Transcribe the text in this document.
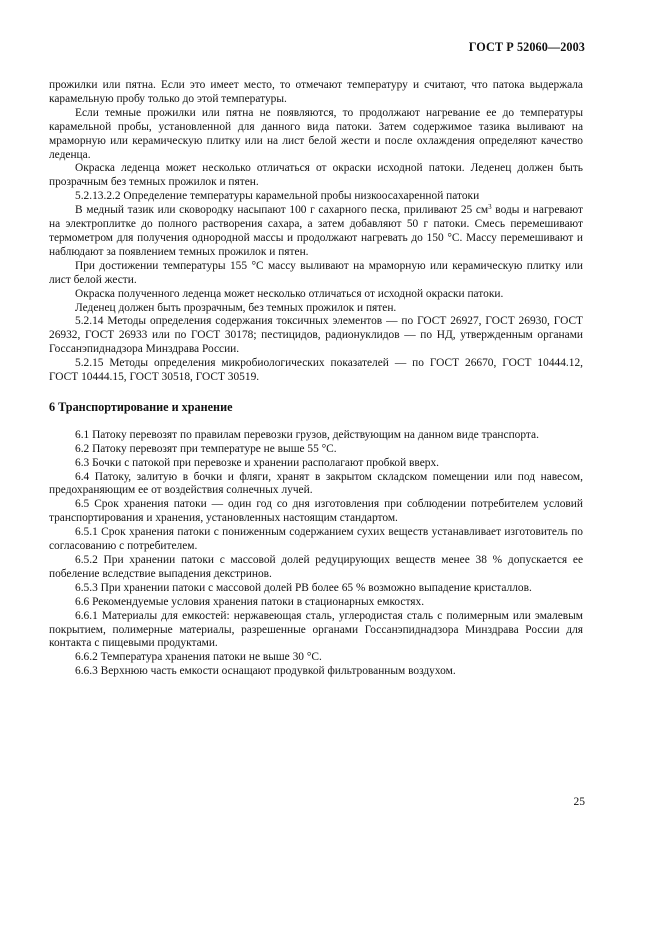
ГОСТ Р 52060—2003

прожилки или пятна. Если это имеет место, то отмечают температуру и считают, что патока выдержала карамельную пробу только до этой температуры.

Если темные прожилки или пятна не появляются, то продолжают нагревание ее до температуры карамельной пробы, установленной для данного вида патоки. Затем содержимое тазика выливают на мраморную или керамическую плитку или на лист белой жести и после охлаждения определяют качество леденца.

Окраска леденца может несколько отличаться от окраски исходной патоки. Леденец должен быть прозрачным без темных прожилок и пятен.

5.2.13.2.2 Определение температуры карамельной пробы низкоосахаренной патоки

В медный тазик или сковородку насыпают 100 г сахарного песка, приливают 25 $см^3$ воды и нагревают на электроплитке до полного растворения сахара, а затем добавляют 50 г патоки. Смесь перемешивают термометром для получения однородной массы и продолжают нагревать до 150 °С. Массу перемешивают и наблюдают за появлением темных прожилок и пятен.

При достижении температуры 155 °С массу выливают на мраморную или керамическую плитку или лист белой жести.

Окраска полученного леденца может несколько отличаться от исходной окраски патоки.

Леденец должен быть прозрачным, без темных прожилок и пятен.

5.2.14 Методы определения содержания токсичных элементов — по ГОСТ 26927, ГОСТ 26930, ГОСТ 26932, ГОСТ 26933 или по ГОСТ 30178; пестицидов, радионуклидов — по НД, утвержденным органами Госсанэпиднадзора Минздрава России.

5.2.15 Методы определения микробиологических показателей — по ГОСТ 26670, ГОСТ 10444.12, ГОСТ 10444.15, ГОСТ 30518, ГОСТ 30519.

6 Транспортирование и хранение

6.1 Патоку перевозят по правилам перевозки грузов, действующим на данном виде транспорта.

6.2 Патоку перевозят при температуре не выше 55 °С.

6.3 Бочки с патокой при перевозке и хранении располагают пробкой вверх.

6.4 Патоку, залитую в бочки и фляги, хранят в закрытом складском помещении или под навесом, предохраняющим ее от воздействия солнечных лучей.

6.5 Срок хранения патоки — один год со дня изготовления при соблюдении потребителем условий транспортирования и хранения, установленных настоящим стандартом.

6.5.1 Срок хранения патоки с пониженным содержанием сухих веществ устанавливает изготовитель по согласованию с потребителем.

6.5.2 При хранении патоки с массовой долей редуцирующих веществ менее 38 % допускается ее побеление вследствие выпадения декстринов.

6.5.3 При хранении патоки с массовой долей РВ более 65 % возможно выпадение кристаллов.

6.6 Рекомендуемые условия хранения патоки в стационарных емкостях.

6.6.1 Материалы для емкостей: нержавеющая сталь, углеродистая сталь с полимерным или эмалевым покрытием, полимерные материалы, разрешенные органами Госсанэпиднадзора Минздрава России для контакта с пищевыми продуктами.

6.6.2 Температура хранения патоки не выше 30 °С.

6.6.3 Верхнюю часть емкости оснащают продувкой фильтрованным воздухом.

25
